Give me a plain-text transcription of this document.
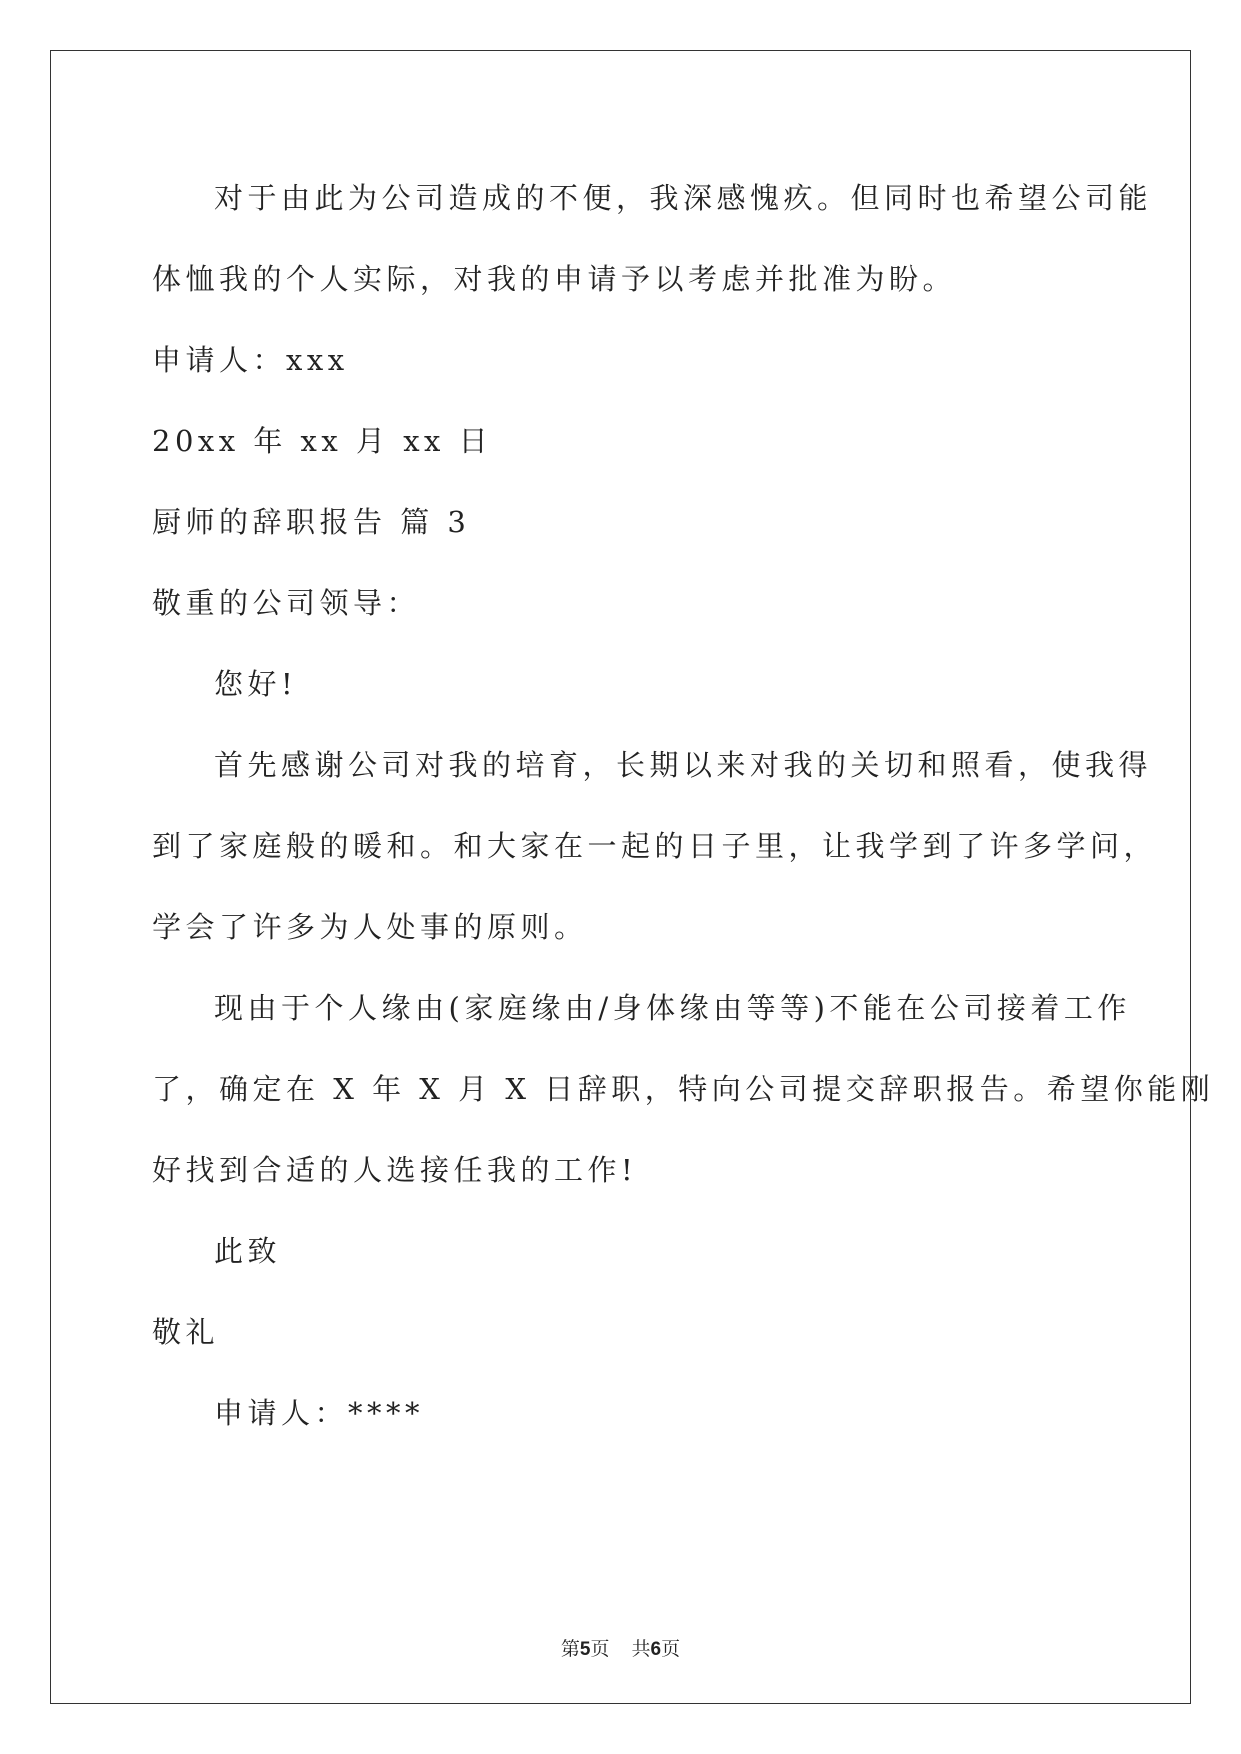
对于由此为公司造成的不便，我深感愧疚。但同时也希望公司能
体恤我的个人实际，对我的申请予以考虑并批准为盼。
申请人：xxx
20xx 年 xx 月 xx 日
厨师的辞职报告 篇 3
敬重的公司领导：
您好!
首先感谢公司对我的培育，长期以来对我的关切和照看，使我得
到了家庭般的暖和。和大家在一起的日子里，让我学到了许多学问，
学会了许多为人处事的原则。
现由于个人缘由(家庭缘由/身体缘由等等)不能在公司接着工作
了，确定在 X 年 X 月 X 日辞职，特向公司提交辞职报告。希望你能刚
好找到合适的人选接任我的工作!
此致
敬礼
申请人：****
第5页 共6页
